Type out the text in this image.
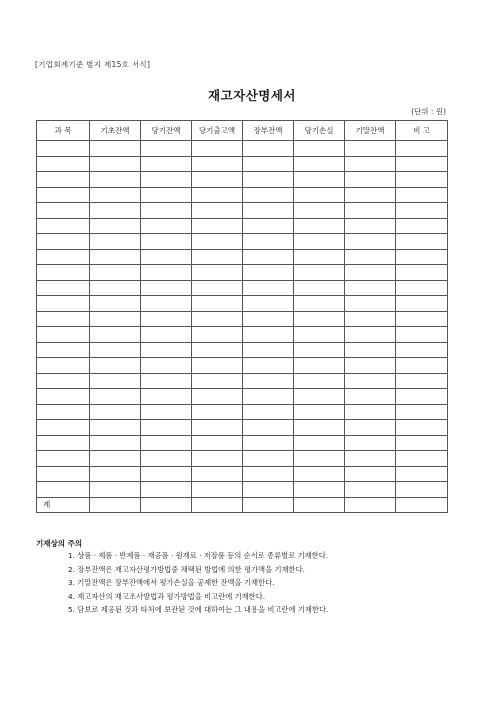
[기업회계기준 별지 제15호 서식]
재고자산명세서
(단위 : 원)
과 목	기초잔액	당기잔액	당기출고액	장부잔액	당기손실	기말잔액	비 고

계							
기재상의 주의
1. 상품 · 제품 · 반제품 · 재공품 · 원재료 · 저장품 등의 순서로 종류별로 기재한다.
2. 장부잔액은 재고자산평가방법중 채택된 방법에 의한 평가액을 기재한다.
3. 기말잔액은 장부잔액에서 평가손실을 공제한 잔액을 기재한다.
4. 재고자산의 재고조사방법과 평가방법을 비고란에 기재한다.
5. 담보로 제공된 것과 타처에 보관된 것에 대하여는 그 내용을 비고란에 기재한다.
